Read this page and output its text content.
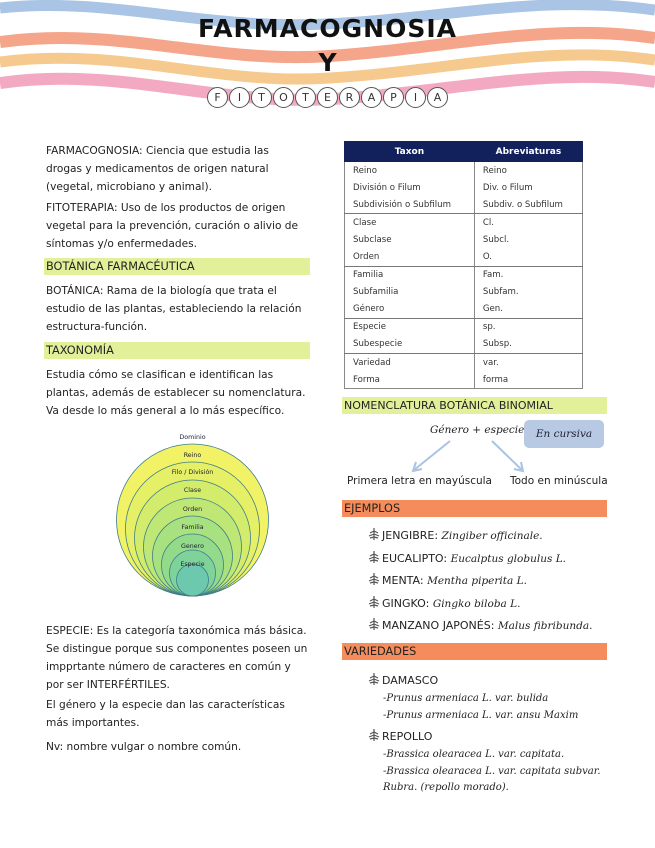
FARMACOGNOSIA
Y
F I T O T E R A P I A
FARMACOGNOSIA: Ciencia que estudia las drogas y medicamentos de origen natural (vegetal, microbiano y animal).
FITOTERAPIA: Uso de los productos de origen vegetal para la prevención, curación o alivio de síntomas y/o enfermedades.
BOTÁNICA FARMACÉUTICA
BOTÁNICA: Rama de la biología que trata el estudio de las plantas, estableciendo la relación estructura-función.
TAXONOMÍA
Estudia cómo se clasifican e identifican las plantas, además de establecer su nomenclatura. Va desde lo más general a lo más específico.
Dominio
Reino
Filo / División
Clase
Orden
Familia
Genero
Especie
ESPECIE: Es la categoría taxonómica más básica. Se distingue porque sus componentes poseen un impprtante número de caracteres en común y por ser INTERFÉRTILES.
El género y la especie dan las características más importantes.
Nv: nombre vulgar o nombre común.
Taxon	Abreviaturas
Reino	Reino
División o Filum	Div. o Filum
Subdivisión o Subfilum	Subdiv. o Subfilum
Clase	Cl.
Subclase	Subcl.
Orden	O.
Familia	Fam.
Subfamilia	Subfam.
Género	Gen.
Especie	sp.
Subespecie	Subsp.
Variedad	var.
Forma	forma
NOMENCLATURA BOTÁNICA BINOMIAL
Género + especie	En cursiva
Primera letra en mayúscula Todo en minúscula
EJEMPLOS
JENGIBRE: Zingiber officinale.
EUCALIPTO: Eucalptus globulus L.
MENTA: Mentha piperita L.
GINGKO: Gingko biloba L.
MANZANO JAPONÉS: Malus fibribunda.
VARIEDADES
DAMASCO
-Prunus armeniaca L. var. bulida
-Prunus armeniaca L. var. ansu Maxim
REPOLLO
-Brassica olearacea L. var. capitata.
-Brassica olearacea L. var. capitata subvar.
Rubra. (repollo morado).
